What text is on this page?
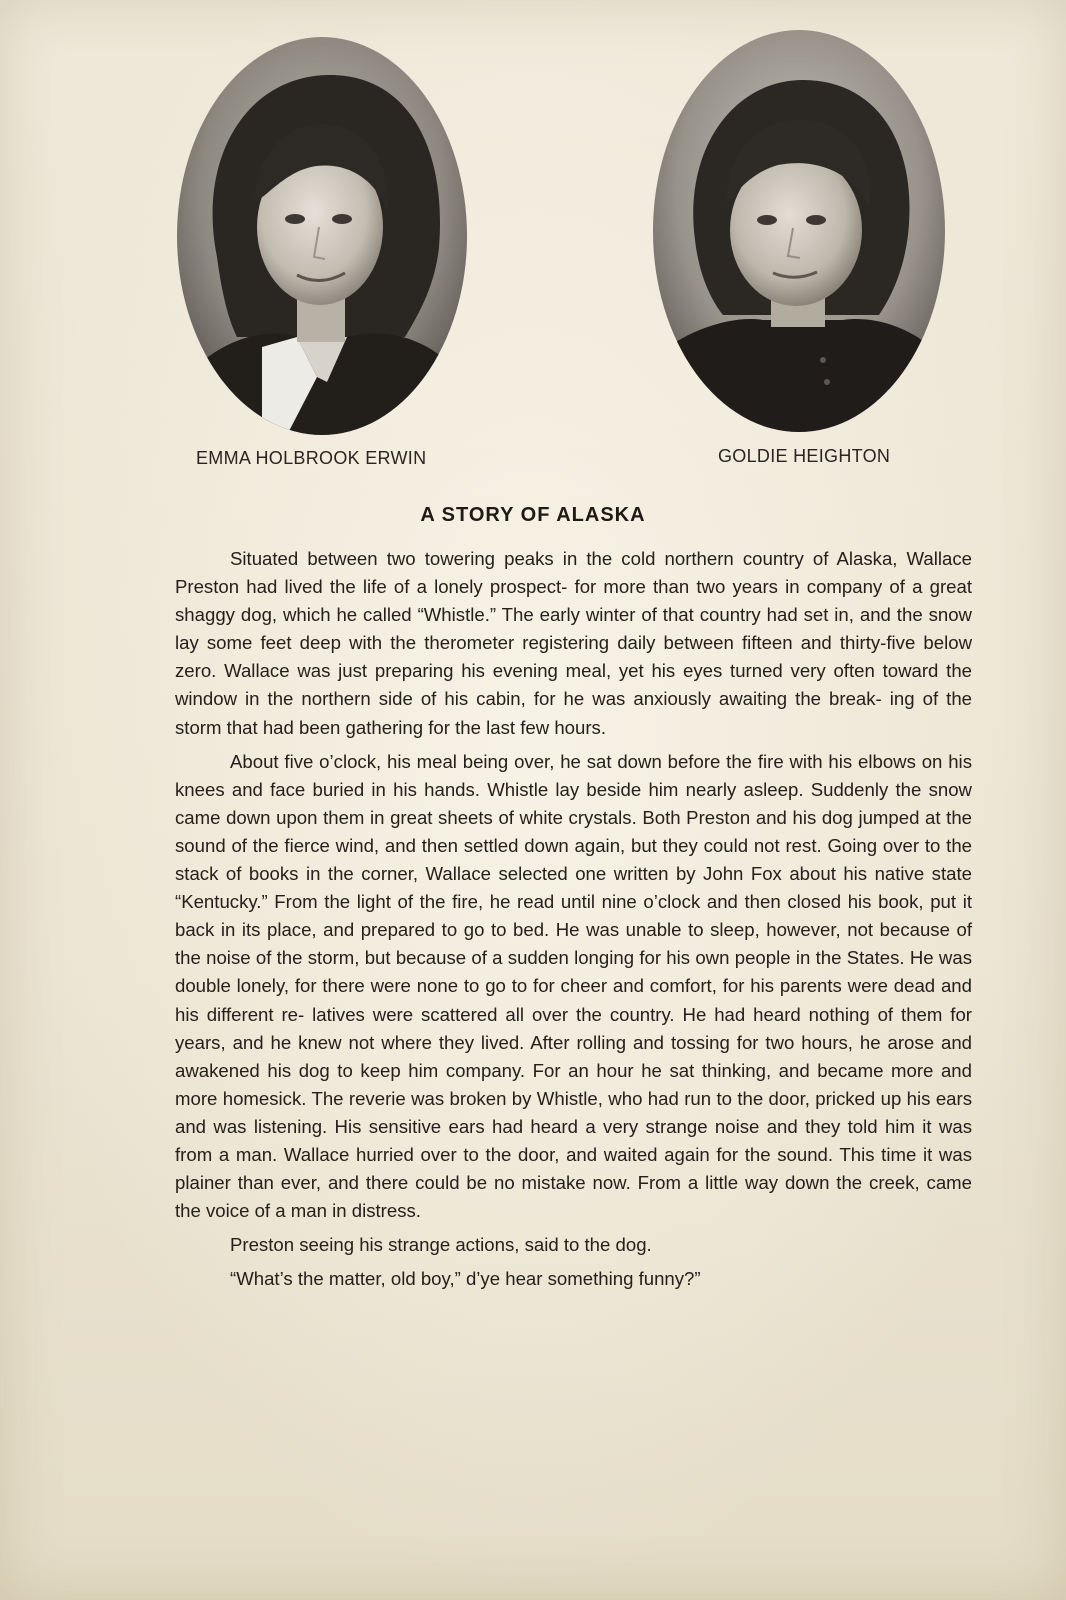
EMMA HOLBROOK ERWIN	GOLDIE HEIGHTON
A STORY OF ALASKA

Situated between two towering peaks in the cold northern country of Alaska, Wallace Preston had lived the life of a lonely prospect- for more than two years in company of a great shaggy dog, which he called “Whistle.” The early winter of that country had set in, and the snow lay some feet deep with the therometer registering daily between fifteen and thirty-five below zero. Wallace was just preparing his evening meal, yet his eyes turned very often toward the window in the northern side of his cabin, for he was anxiously awaiting the break- ing of the storm that had been gathering for the last few hours.

About five o’clock, his meal being over, he sat down before the fire with his elbows on his knees and face buried in his hands. Whistle lay beside him nearly asleep. Suddenly the snow came down upon them in great sheets of white crystals. Both Preston and his dog jumped at the sound of the fierce wind, and then settled down again, but they could not rest. Going over to the stack of books in the corner, Wallace selected one written by John Fox about his native state “Kentucky.” From the light of the fire, he read until nine o’clock and then closed his book, put it back in its place, and prepared to go to bed. He was unable to sleep, however, not because of the noise of the storm, but because of a sudden longing for his own people in the States. He was double lonely, for there were none to go to for cheer and comfort, for his parents were dead and his different re- latives were scattered all over the country. He had heard nothing of them for years, and he knew not where they lived. After rolling and tossing for two hours, he arose and awakened his dog to keep him company. For an hour he sat thinking, and became more and more homesick. The reverie was broken by Whistle, who had run to the door, pricked up his ears and was listening. His sensitive ears had heard a very strange noise and they told him it was from a man. Wallace hurried over to the door, and waited again for the sound. This time it was plainer than ever, and there could be no mistake now. From a little way down the creek, came the voice of a man in distress.

Preston seeing his strange actions, said to the dog.

“What’s the matter, old boy,” d’ye hear something funny?”
